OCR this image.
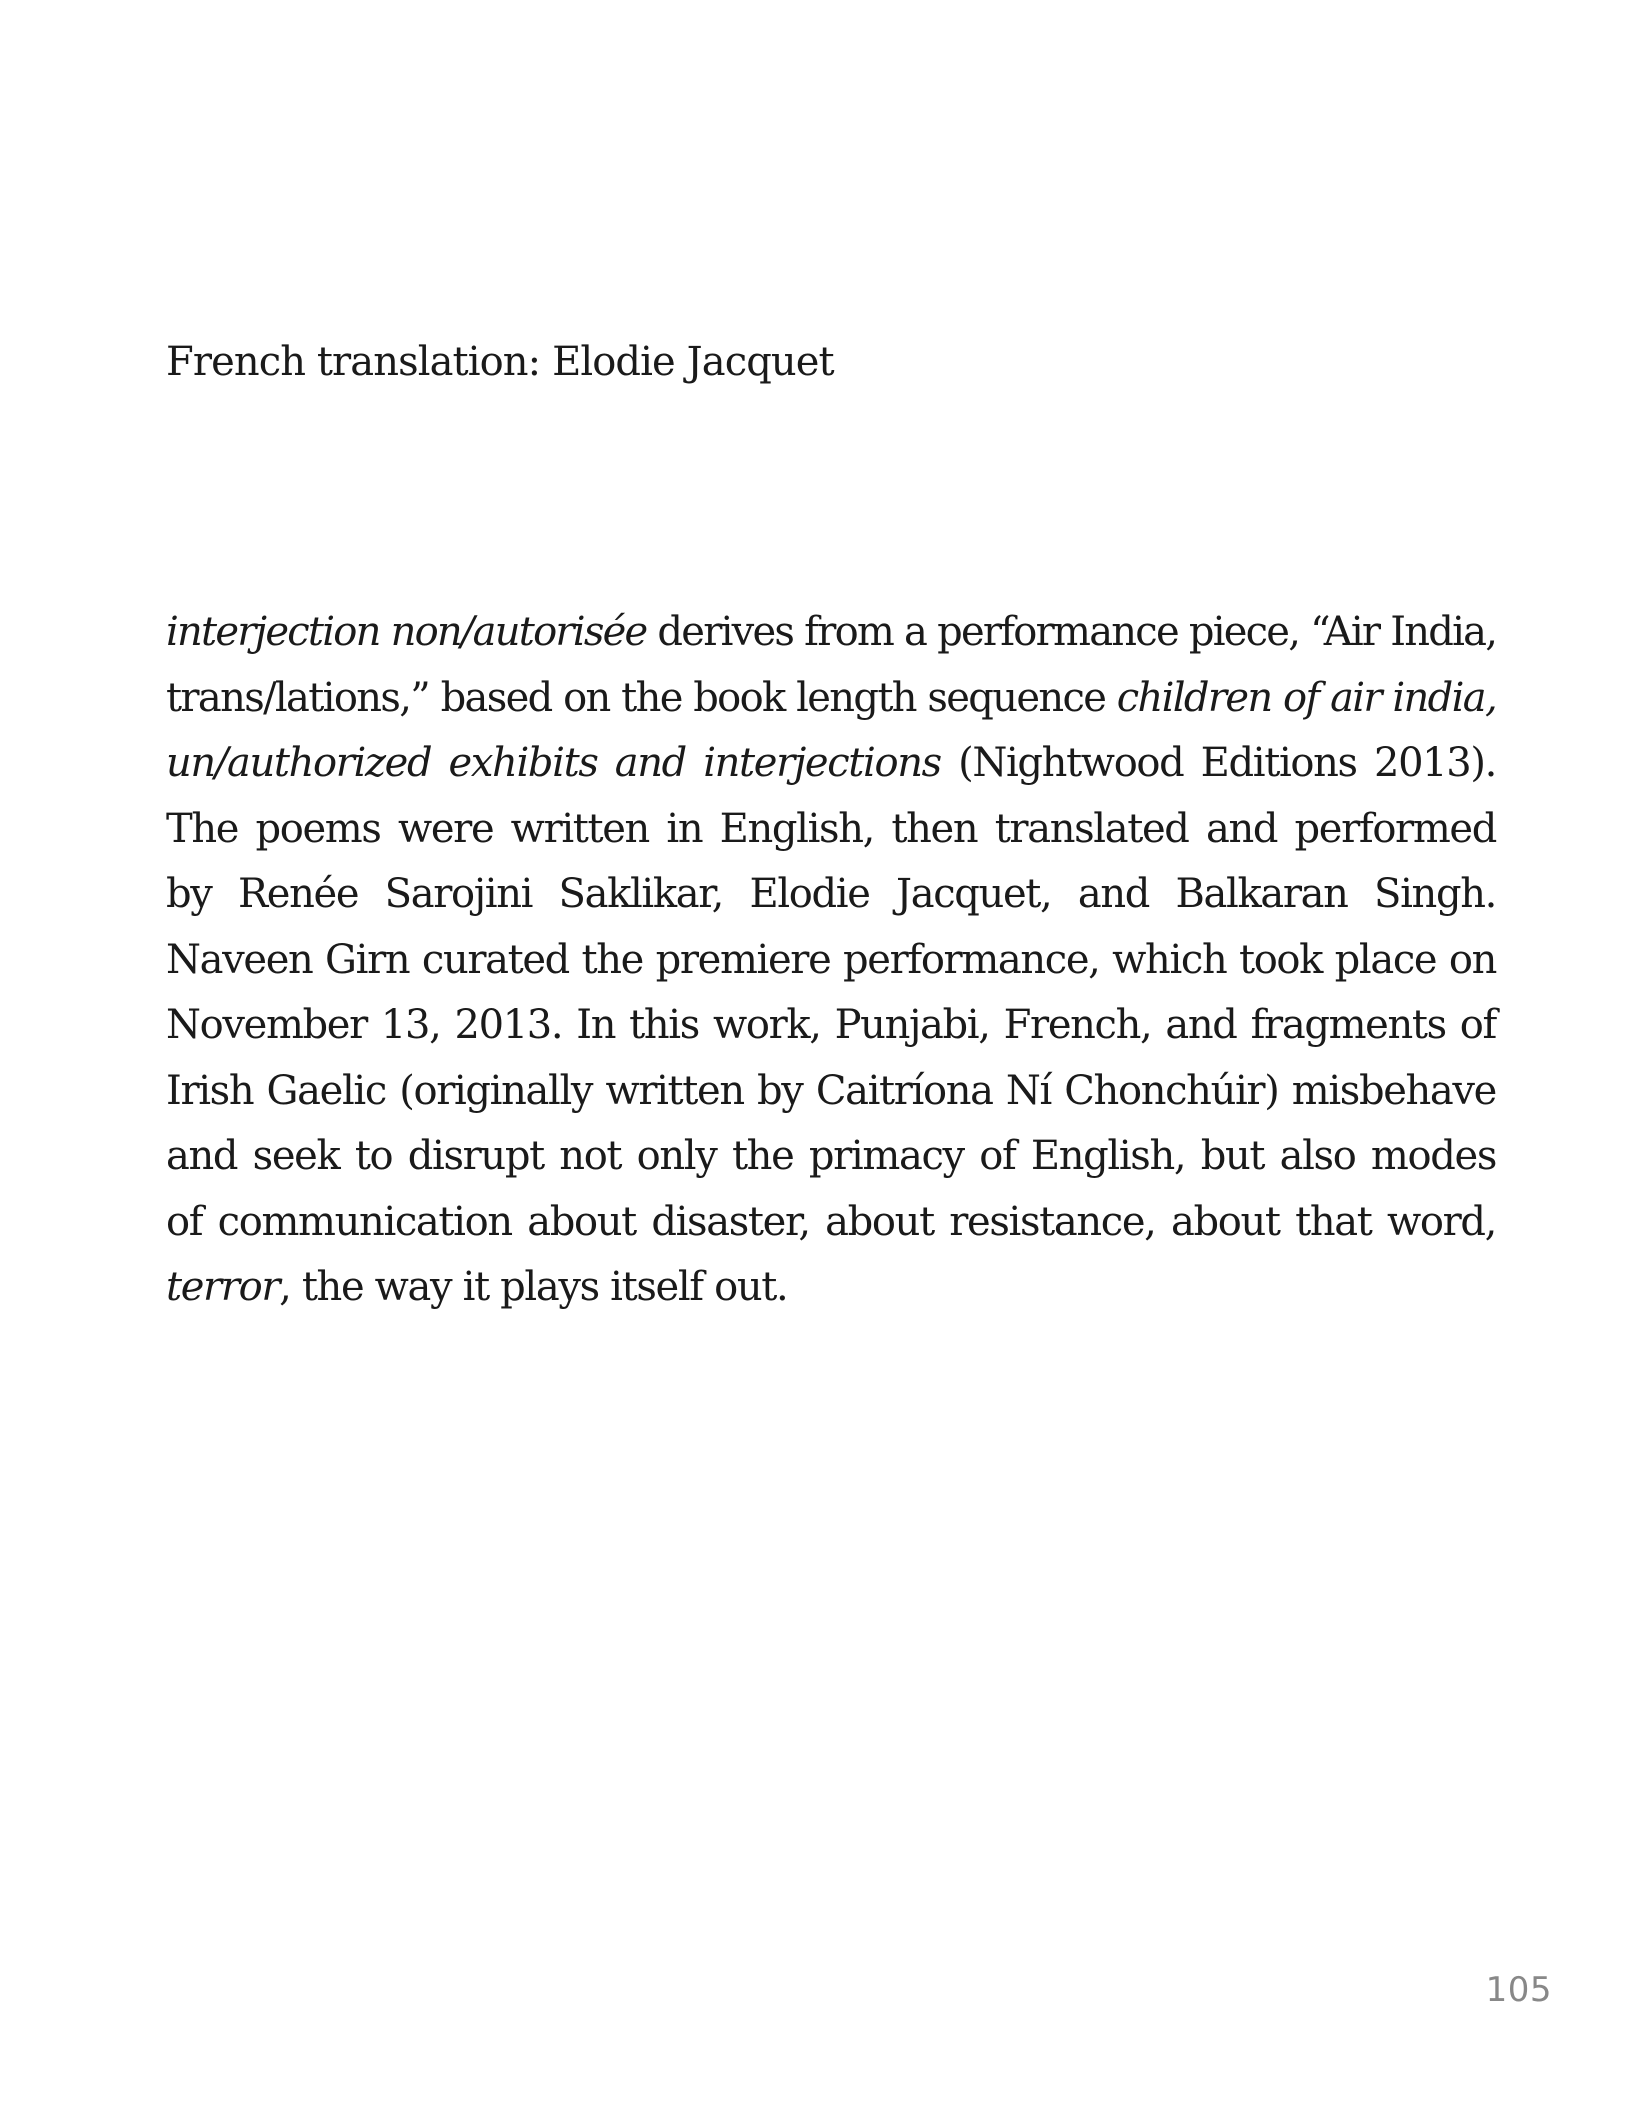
French translation: Elodie Jacquet

interjection non/autorisée derives from a performance piece, “Air India,
trans/lations,” based on the book length sequence children of air india,
un/authorized exhibits and interjections (Nightwood Editions 2013).
The poems were written in English, then translated and performed
by Renée Sarojini Saklikar, Elodie Jacquet, and Balkaran Singh.
Naveen Girn curated the premiere performance, which took place on
November 13, 2013. In this work, Punjabi, French, and fragments of
Irish Gaelic (originally written by Caitríona Ní Chonchúir) misbehave
and seek to disrupt not only the primacy of English, but also modes
of communication about disaster, about resistance, about that word,
terror, the way it plays itself out.

105
